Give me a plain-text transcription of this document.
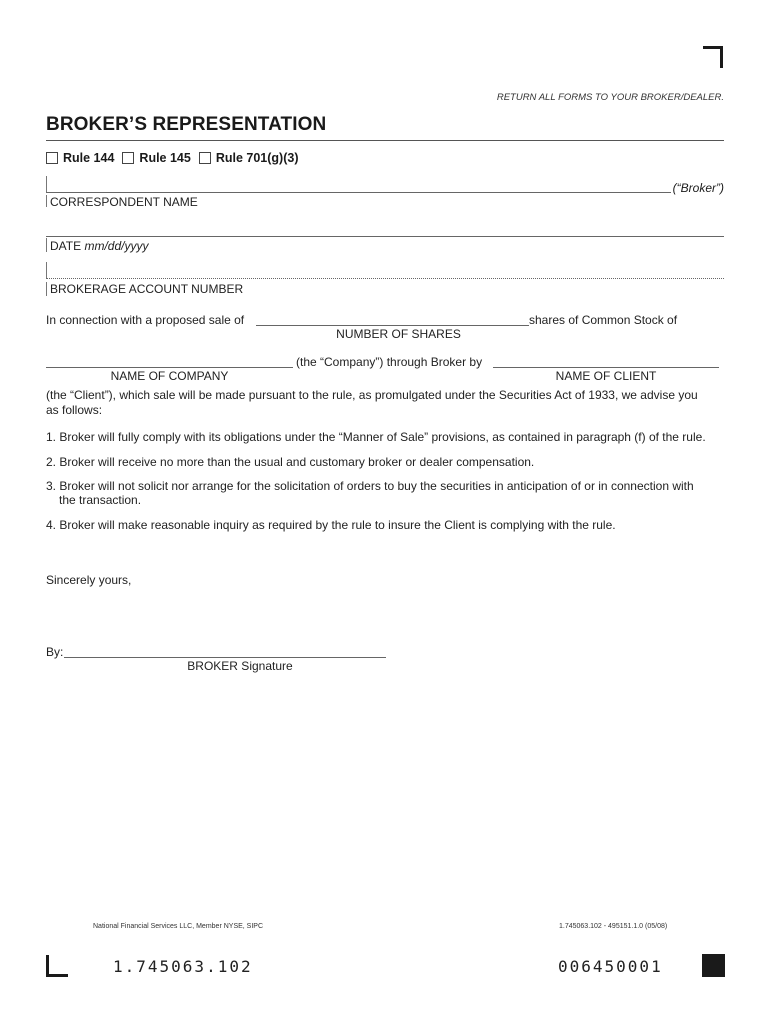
RETURN ALL FORMS TO YOUR BROKER/DEALER.
BROKER’S REPRESENTATION
Rule 144 Rule 145 Rule 701(g)(3)
(“Broker”)
CORRESPONDENT NAME
DATE mm/dd/yyyy
BROKERAGE ACCOUNT NUMBER
In connection with a proposed sale of	shares of Common Stock of
NUMBER OF SHARES
(the “Company”) through Broker by
NAME OF COMPANY	NAME OF CLIENT
(the “Client”), which sale will be made pursuant to the rule, as promulgated under the Securities Act of 1933, we advise you
as follows:
1. Broker will fully comply with its obligations under the “Manner of Sale” provisions, as contained in paragraph (f) of the rule.
2. Broker will receive no more than the usual and customary broker or dealer compensation.
3. Broker will not solicit nor arrange for the solicitation of orders to buy the securities in anticipation of or in connection with
the transaction.
4. Broker will make reasonable inquiry as required by the rule to insure the Client is complying with the rule.
Sincerely yours,
By:
BROKER Signature
National Financial Services LLC, Member NYSE, SIPC	1.745063.102 - 495151.1.0 (05/08)
1.745063.102	006450001
